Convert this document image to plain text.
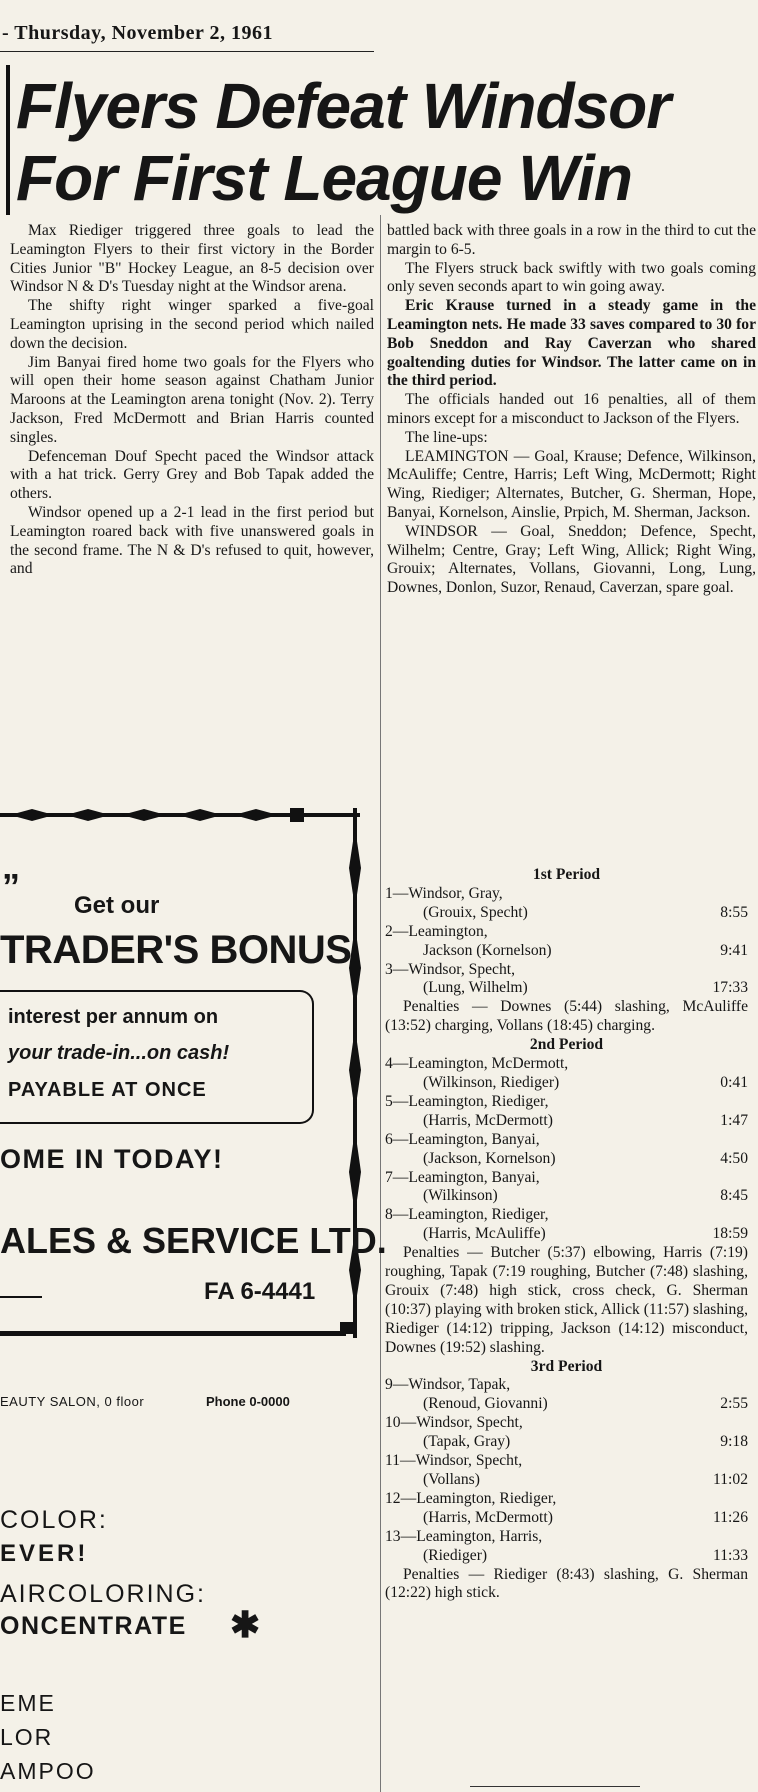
- Thursday, November 2, 1961
Flyers Defeat Windsor
For First League Win

Max Riediger triggered three goals to lead the Leamington Flyers to their first victory in the Border Cities Junior "B" Hockey League, an 8-5 decision over Windsor N & D's Tuesday night at the Windsor arena.

The shifty right winger sparked a five-goal Leamington uprising in the second period which nailed down the decision.

Jim Banyai fired home two goals for the Flyers who will open their home season against Chatham Junior Maroons at the Leamington arena tonight (Nov. 2). Terry Jackson, Fred McDermott and Brian Harris counted singles.

Defenceman Douf Specht paced the Windsor attack with a hat trick. Gerry Grey and Bob Tapak added the others.

Windsor opened up a 2-1 lead in the first period but Leamington roared back with five unanswered goals in the second frame. The N & D's refused to quit, however, and

battled back with three goals in a row in the third to cut the margin to 6-5.

The Flyers struck back swiftly with two goals coming only seven seconds apart to win going away.

Eric Krause turned in a steady game in the Leamington nets. He made 33 saves compared to 30 for Bob Sneddon and Ray Caverzan who shared goaltending duties for Windsor. The latter came on in the third period.

The officials handed out 16 penalties, all of them minors except for a misconduct to Jackson of the Flyers.

The line-ups:

LEAMINGTON — Goal, Krause; Defence, Wilkinson, McAuliffe; Centre, Harris; Left Wing, McDermott; Right Wing, Riediger; Alternates, Butcher, G. Sherman, Hope, Banyai, Kornelson, Ainslie, Prpich, M. Sherman, Jackson.

WINDSOR — Goal, Sneddon; Defence, Specht, Wilhelm; Centre, Gray; Left Wing, Allick; Right Wing, Grouix; Alternates, Vollans, Giovanni, Long, Lung, Downes, Donlon, Suzor, Renaud, Caverzan, spare goal.

1st Period

1—Windsor, Gray,
(Grouix, Specht)	8:55
2—Leamington,
Jackson (Kornelson)	9:41
3—Windsor, Specht,
(Lung, Wilhelm)	17:33

Penalties — Downes (5:44) slashing, McAuliffe (13:52) charging, Vollans (18:45) charging.

2nd Period

4—Leamington, McDermott,
(Wilkinson, Riediger)	0:41
5—Leamington, Riediger,
(Harris, McDermott)	1:47
6—Leamington, Banyai,
(Jackson, Kornelson)	4:50
7—Leamington, Banyai,
(Wilkinson)	8:45
8—Leamington, Riediger,
(Harris, McAuliffe)	18:59

Penalties — Butcher (5:37) elbowing, Harris (7:19) roughing, Tapak (7:19 roughing, Butcher (7:48) slashing, Grouix (7:48) high stick, cross check, G. Sherman (10:37) playing with broken stick, Allick (11:57) slashing, Riediger (14:12) tripping, Jackson (14:12) misconduct, Downes (19:52) slashing.

3rd Period

9—Windsor, Tapak,
(Renoud, Giovanni)	2:55
10—Windsor, Specht,
(Tapak, Gray)	9:18
11—Windsor, Specht,
(Vollans)	11:02
12—Leamington, Riediger,
(Harris, McDermott)	11:26
13—Leamington, Harris,
(Riediger)	11:33

Penalties — Riediger (8:43) slashing, G. Sherman (12:22) high stick.

” Get our
TRADER'S BONUS
interest per annum on
your trade-in...on cash!
PAYABLE AT ONCE
OME IN TODAY!
ALES & SERVICE LTD.
FA 6-4441
EAUTY SALON, 0 floor	Phone 0-0000
COLOR:
EVER!
AIRCOLORING:
ONCENTRATE ✱
EME
LOR
AMPOO
